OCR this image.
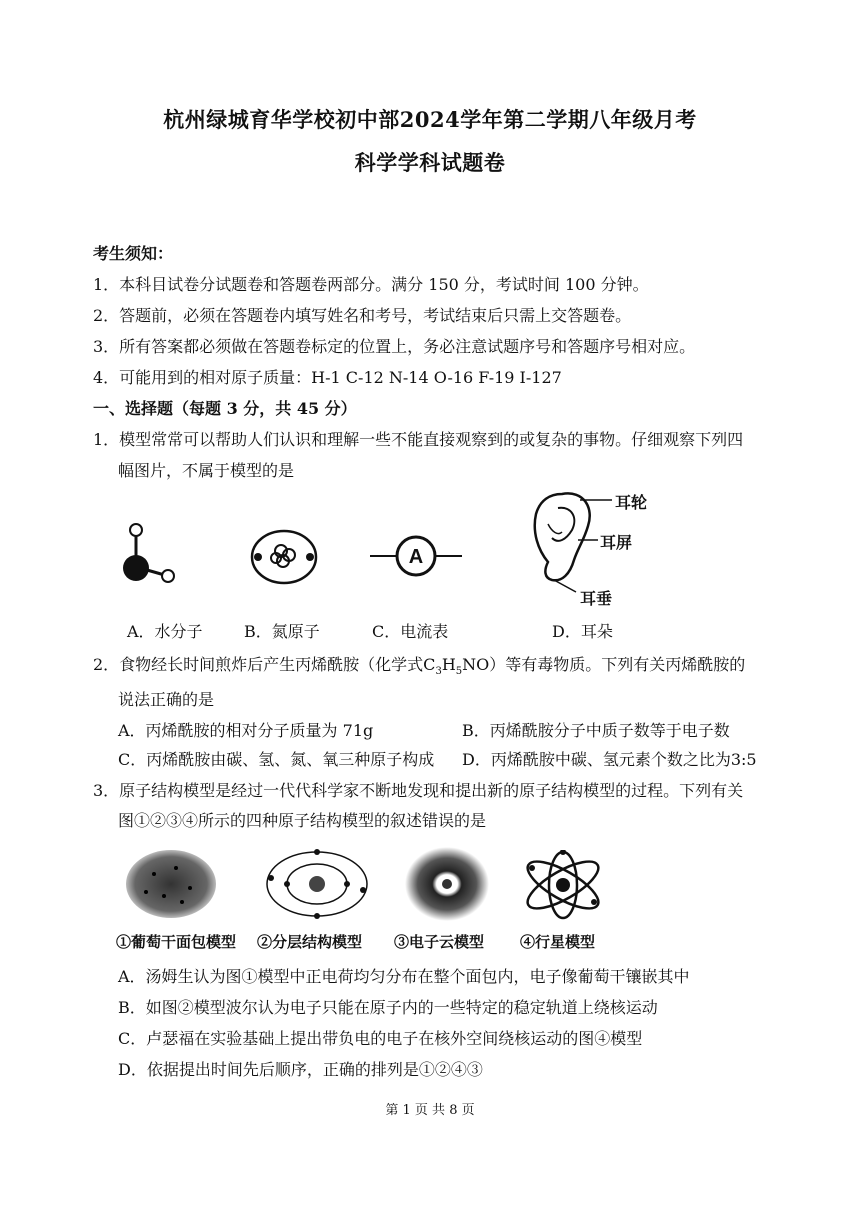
杭州绿城育华学校初中部2024学年第二学期八年级月考
科学学科试题卷
考生须知：
1．本科目试卷分试题卷和答题卷两部分。满分 150 分，考试时间 100 分钟。
2．答题前，必须在答题卷内填写姓名和考号，考试结束后只需上交答题卷。
3．所有答案都必须做在答题卷标定的位置上，务必注意试题序号和答题序号相对应。
4．可能用到的相对原子质量：H-1 C-12 N-14 O-16 F-19 I-127
一、选择题（每题 3 分，共 45 分）
1．模型常常可以帮助人们认识和理解一些不能直接观察到的或复杂的事物。仔细观察下列四
幅图片，不属于模型的是
A
耳轮
耳屏
耳垂
A．水分子	B．氮原子	C．电流表	D．耳朵
2．食物经长时间煎炸后产生丙烯酰胺（化学式$C_3H_5NO$）等有毒物质。下列有关丙烯酰胺的
说法正确的是
A．丙烯酰胺的相对分子质量为 71g	B．丙烯酰胺分子中质子数等于电子数
C．丙烯酰胺由碳、氢、氮、氧三种原子构成 D．丙烯酰胺中碳、氢元素个数之比为3:5
3．原子结构模型是经过一代代科学家不断地发现和提出新的原子结构模型的过程。下列有关
图①②③④所示的四种原子结构模型的叙述错误的是
①葡萄干面包模型 ②分层结构模型 ③电子云模型 ④行星模型
A．汤姆生认为图①模型中正电荷均匀分布在整个面包内，电子像葡萄干镶嵌其中
B．如图②模型波尔认为电子只能在原子内的一些特定的稳定轨道上绕核运动
C．卢瑟福在实验基础上提出带负电的电子在核外空间绕核运动的图④模型
D．依据提出时间先后顺序，正确的排列是①②④③
第 1 页 共 8 页
